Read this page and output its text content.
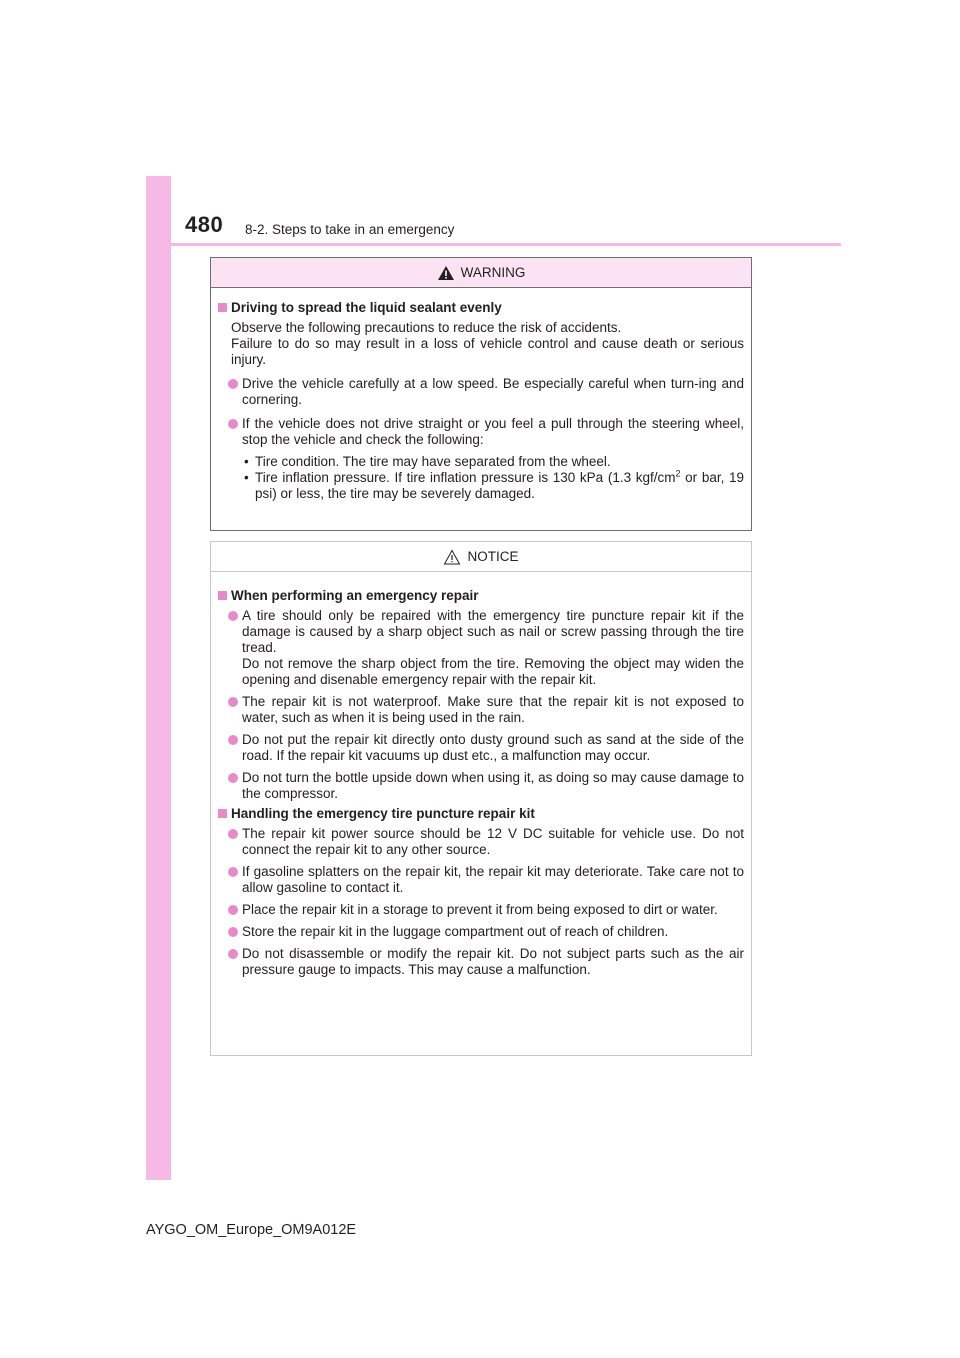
480 8-2. Steps to take in an emergency
WARNING
Driving to spread the liquid sealant evenly
Observe the following precautions to reduce the risk of accidents.
Failure to do so may result in a loss of vehicle control and cause death or serious injury.
Drive the vehicle carefully at a low speed. Be especially careful when turn-ing and cornering.
If the vehicle does not drive straight or you feel a pull through the steering wheel, stop the vehicle and check the following:
• Tire condition. The tire may have separated from the wheel.
• Tire inflation pressure. If tire inflation pressure is 130 kPa (1.3 kgf/$cm^2$ or bar, 19 psi) or less, the tire may be severely damaged.
NOTICE
When performing an emergency repair
A tire should only be repaired with the emergency tire puncture repair kit if the damage is caused by a sharp object such as nail or screw passing through the tire tread.
Do not remove the sharp object from the tire. Removing the object may widen the opening and disenable emergency repair with the repair kit.
The repair kit is not waterproof. Make sure that the repair kit is not exposed to water, such as when it is being used in the rain.
Do not put the repair kit directly onto dusty ground such as sand at the side of the road. If the repair kit vacuums up dust etc., a malfunction may occur.
Do not turn the bottle upside down when using it, as doing so may cause damage to the compressor.
Handling the emergency tire puncture repair kit
The repair kit power source should be 12 V DC suitable for vehicle use. Do not connect the repair kit to any other source.
If gasoline splatters on the repair kit, the repair kit may deteriorate. Take care not to allow gasoline to contact it.
Place the repair kit in a storage to prevent it from being exposed to dirt or water.
Store the repair kit in the luggage compartment out of reach of children.
Do not disassemble or modify the repair kit. Do not subject parts such as the air pressure gauge to impacts. This may cause a malfunction.
AYGO_OM_Europe_OM9A012E
